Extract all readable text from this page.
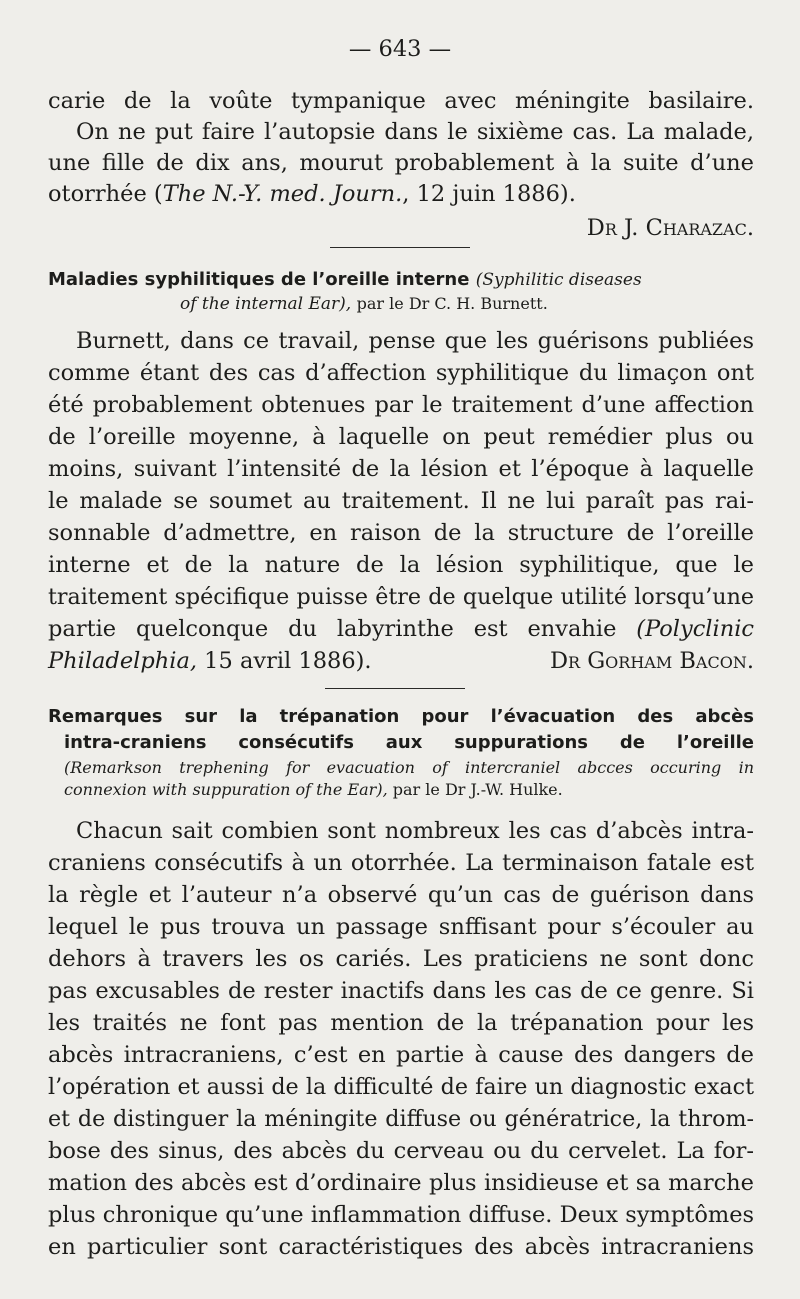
— 643 —

carie de la voûte tympanique avec méningite basilaire.

On ne put faire l’autopsie dans le sixième cas. La malade,

une fille de dix ans, mourut probablement à la suite d’une

otorrhée (The N.-Y. med. Journ., 12 juin 1886).

Dr J. Charazac.

Maladies syphilitiques de l’oreille interne (Syphilitic diseases

of the internal Ear), par le Dr C. H. Burnett.

Burnett, dans ce travail, pense que les guérisons publiées

comme étant des cas d’affection syphilitique du limaçon ont

été probablement obtenues par le traitement d’une affection

de l’oreille moyenne, à laquelle on peut remédier plus ou

moins, suivant l’intensité de la lésion et l’époque à laquelle

le malade se soumet au traitement. Il ne lui paraît pas rai-

sonnable d’admettre, en raison de la structure de l’oreille

interne et de la nature de la lésion syphilitique, que le

traitement spécifique puisse être de quelque utilité lorsqu’une

partie quelconque du labyrinthe est envahie (Polyclinic

Philadelphia, 15 avril 1886).	Dr Gorham Bacon.

Remarques sur la trépanation pour l’évacuation des abcès

intra-craniens consécutifs aux suppurations de l’oreille

(Remarkson trephening for evacuation of intercraniel abcces occuring in

connexion with suppuration of the Ear), par le Dr J.-W. Hulke.

Chacun sait combien sont nombreux les cas d’abcès intra-

craniens consécutifs à un otorrhée. La terminaison fatale est

la règle et l’auteur n’a observé qu’un cas de guérison dans

lequel le pus trouva un passage snffisant pour s’écouler au

dehors à travers les os cariés. Les praticiens ne sont donc

pas excusables de rester inactifs dans les cas de ce genre. Si

les traités ne font pas mention de la trépanation pour les

abcès intracraniens, c’est en partie à cause des dangers de

l’opération et aussi de la difficulté de faire un diagnostic exact

et de distinguer la méningite diffuse ou génératrice, la throm-

bose des sinus, des abcès du cerveau ou du cervelet. La for-

mation des abcès est d’ordinaire plus insidieuse et sa marche

plus chronique qu’une inflammation diffuse. Deux symptômes

en particulier sont caractéristiques des abcès intracraniens
